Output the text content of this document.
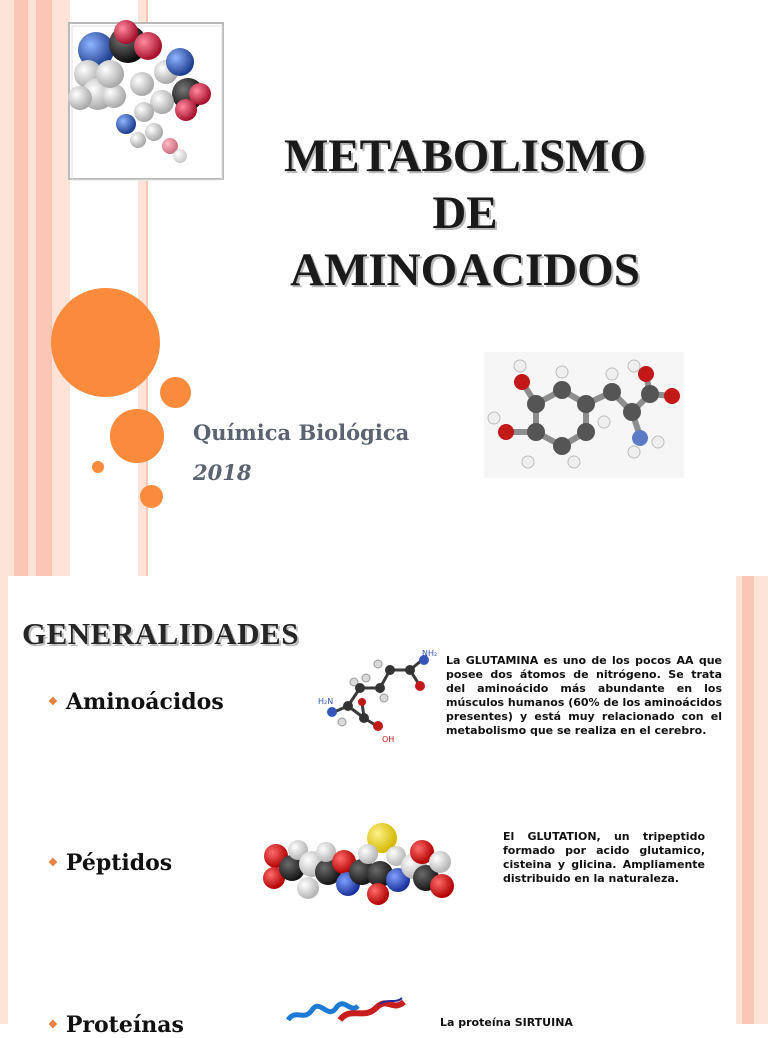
METABOLISMO
DE
AMINOACIDOS
Química Biológica
2018
GENERALIDADES
❖ Aminoácidos
NH₂
H₂N
OH
La GLUTAMINA es uno de los pocos AA que posee dos átomos de nitrógeno. Se trata del aminoácido más abundante en los músculos humanos (60% de los aminoácidos presentes) y está muy relacionado con el metabolismo que se realiza en el cerebro.
❖ Péptidos
El GLUTATION, un tripeptido formado por acido glutamico, cisteina y glicina. Ampliamente distribuido en la naturaleza.
❖ Proteínas	La proteína SIRTUINA
